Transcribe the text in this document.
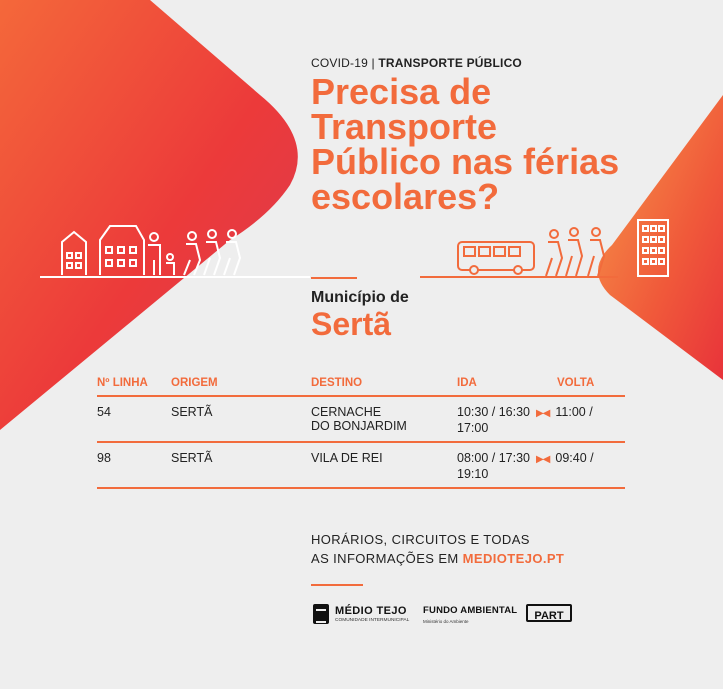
COVID-19 | TRANSPORTE PÚBLICO
Precisa de
Transporte
Público nas férias
escolares?
Município de
Sertã
Nº LINHA	ORIGEM	DESTINO	IDA	VOLTA
54	SERTÃ	CERNACHE
DO BONJARDIM	10:30 / 16:30 ▶◀ 11:00 / 17:00	
98	SERTÃ	VILA DE REI	08:00 / 17:30 ▶◀ 09:40 / 19:10	
HORÁRIOS, CIRCUITOS E TODAS
AS INFORMAÇÕES EM MEDIOTEJO.PT
MÉDIO TEJO
COMUNIDADE INTERMUNICIPAL
FUNDO AMBIENTAL
Ministério do Ambiente	PART
